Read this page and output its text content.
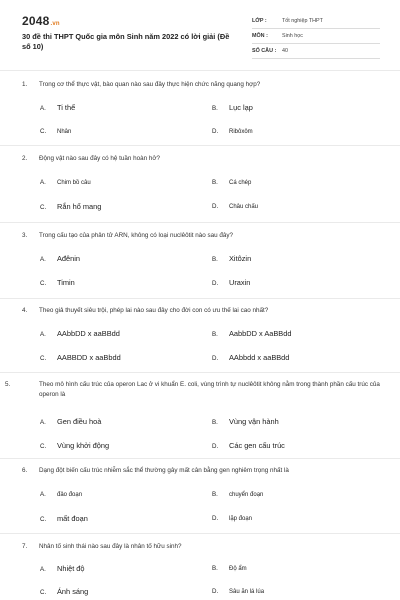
2048.vn
30 đề thi THPT Quốc gia môn Sinh năm 2022 có lời giải (Đề số 10)
LỚP :	Tốt nghiệp THPT
MÔN :	Sinh học
SỐ CÂU :	40
1. Trong cơ thể thực vật, bào quan nào sau đây thực hiện chức năng quang hợp?
A. Ti thể	B. Lục lạp
C. Nhân	D. Ribôxôm
2. Động vật nào sau đây có hệ tuần hoàn hở?
A. Chim bồ câu	B. Cá chép
C. Rắn hổ mang	D. Châu chấu
3. Trong cấu tạo của phân tử ARN, không có loại nuclêôtit nào sau đây?
A. Ađênin	B. Xitôzin
C. Timin	D. Uraxin
4. Theo giả thuyết siêu trội, phép lai nào sau đây cho đời con có ưu thế lai cao nhất?
A. AAbbDD x aaBBdd	B. AabbDD x AaBBdd
C. AABBDD x aaBbdd	D. AAbbdd x aaBBdd
5.	Theo mô hình cấu trúc của operon Lac ở vi khuẩn E. coli, vùng trình tự nuclêôtit không nằm trong thành phần cấu trúc của operon là
A. Gen điều hoà	B. Vùng vận hành
C. Vùng khởi động	D. Các gen cấu trúc
6. Dạng đột biến cấu trúc nhiễm sắc thể thường gây mất cân bằng gen nghiêm trọng nhất là
A. đảo đoạn	B. chuyển đoạn
C. mất đoạn	D. lặp đoạn
7. Nhân tố sinh thái nào sau đây là nhân tố hữu sinh?
A. Nhiệt độ	B. Độ ẩm
C. Ánh sáng	D. Sâu ăn lá lúa
